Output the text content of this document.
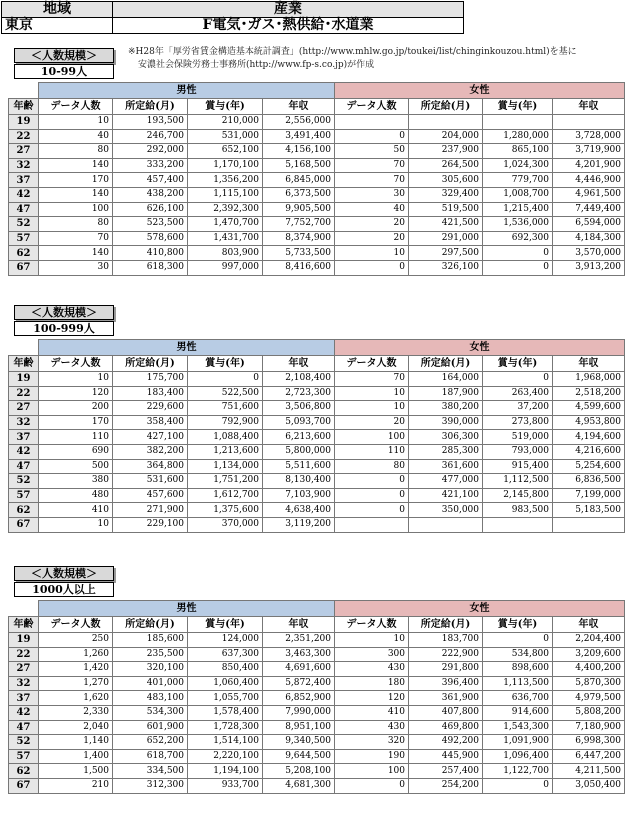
地域	産業
東京	F電気･ガス･熱供給･水道業
※H28年「厚労省賃金構造基本統計調査」(http://www.mhlw.go.jp/toukei/list/chinginkouzou.html)を基に
安濃社会保険労務士事務所(http://www.fp-s.co.jp)が作成
＜人数規模＞
10-99人
	男性				女性			
年齢	データ人数	所定給(月)	賞与(年)	年収	データ人数	所定給(月)	賞与(年)	年収
19	10	193,500	210,000	2,556,000				
22	40	246,700	531,000	3,491,400	0	204,000	1,280,000	3,728,000
27	80	292,000	652,100	4,156,100	50	237,900	865,100	3,719,900
32	140	333,200	1,170,100	5,168,500	70	264,500	1,024,300	4,201,900
37	170	457,400	1,356,200	6,845,000	70	305,600	779,700	4,446,900
42	140	438,200	1,115,100	6,373,500	30	329,400	1,008,700	4,961,500
47	100	626,100	2,392,300	9,905,500	40	519,500	1,215,400	7,449,400
52	80	523,500	1,470,700	7,752,700	20	421,500	1,536,000	6,594,000
57	70	578,600	1,431,700	8,374,900	20	291,000	692,300	4,184,300
62	140	410,800	803,900	5,733,500	10	297,500	0	3,570,000
67	30	618,300	997,000	8,416,600	0	326,100	0	3,913,200
＜人数規模＞
100-999人
	男性				女性			
年齢	データ人数	所定給(月)	賞与(年)	年収	データ人数	所定給(月)	賞与(年)	年収
19	10	175,700	0	2,108,400	70	164,000	0	1,968,000
22	120	183,400	522,500	2,723,300	10	187,900	263,400	2,518,200
27	200	229,600	751,600	3,506,800	10	380,200	37,200	4,599,600
32	170	358,400	792,900	5,093,700	20	390,000	273,800	4,953,800
37	110	427,100	1,088,400	6,213,600	100	306,300	519,000	4,194,600
42	690	382,200	1,213,600	5,800,000	110	285,300	793,000	4,216,600
47	500	364,800	1,134,000	5,511,600	80	361,600	915,400	5,254,600
52	380	531,600	1,751,200	8,130,400	0	477,000	1,112,500	6,836,500
57	480	457,600	1,612,700	7,103,900	0	421,100	2,145,800	7,199,000
62	410	271,900	1,375,600	4,638,400	0	350,000	983,500	5,183,500
67	10	229,100	370,000	3,119,200				
＜人数規模＞
1000人以上
	男性				女性			
年齢	データ人数	所定給(月)	賞与(年)	年収	データ人数	所定給(月)	賞与(年)	年収
19	250	185,600	124,000	2,351,200	10	183,700	0	2,204,400
22	1,260	235,500	637,300	3,463,300	300	222,900	534,800	3,209,600
27	1,420	320,100	850,400	4,691,600	430	291,800	898,600	4,400,200
32	1,270	401,000	1,060,400	5,872,400	180	396,400	1,113,500	5,870,300
37	1,620	483,100	1,055,700	6,852,900	120	361,900	636,700	4,979,500
42	2,330	534,300	1,578,400	7,990,000	410	407,800	914,600	5,808,200
47	2,040	601,900	1,728,300	8,951,100	430	469,800	1,543,300	7,180,900
52	1,140	652,200	1,514,100	9,340,500	320	492,200	1,091,900	6,998,300
57	1,400	618,700	2,220,100	9,644,500	190	445,900	1,096,400	6,447,200
62	1,500	334,500	1,194,100	5,208,100	100	257,400	1,122,700	4,211,500
67	210	312,300	933,700	4,681,300	0	254,200	0	3,050,400
